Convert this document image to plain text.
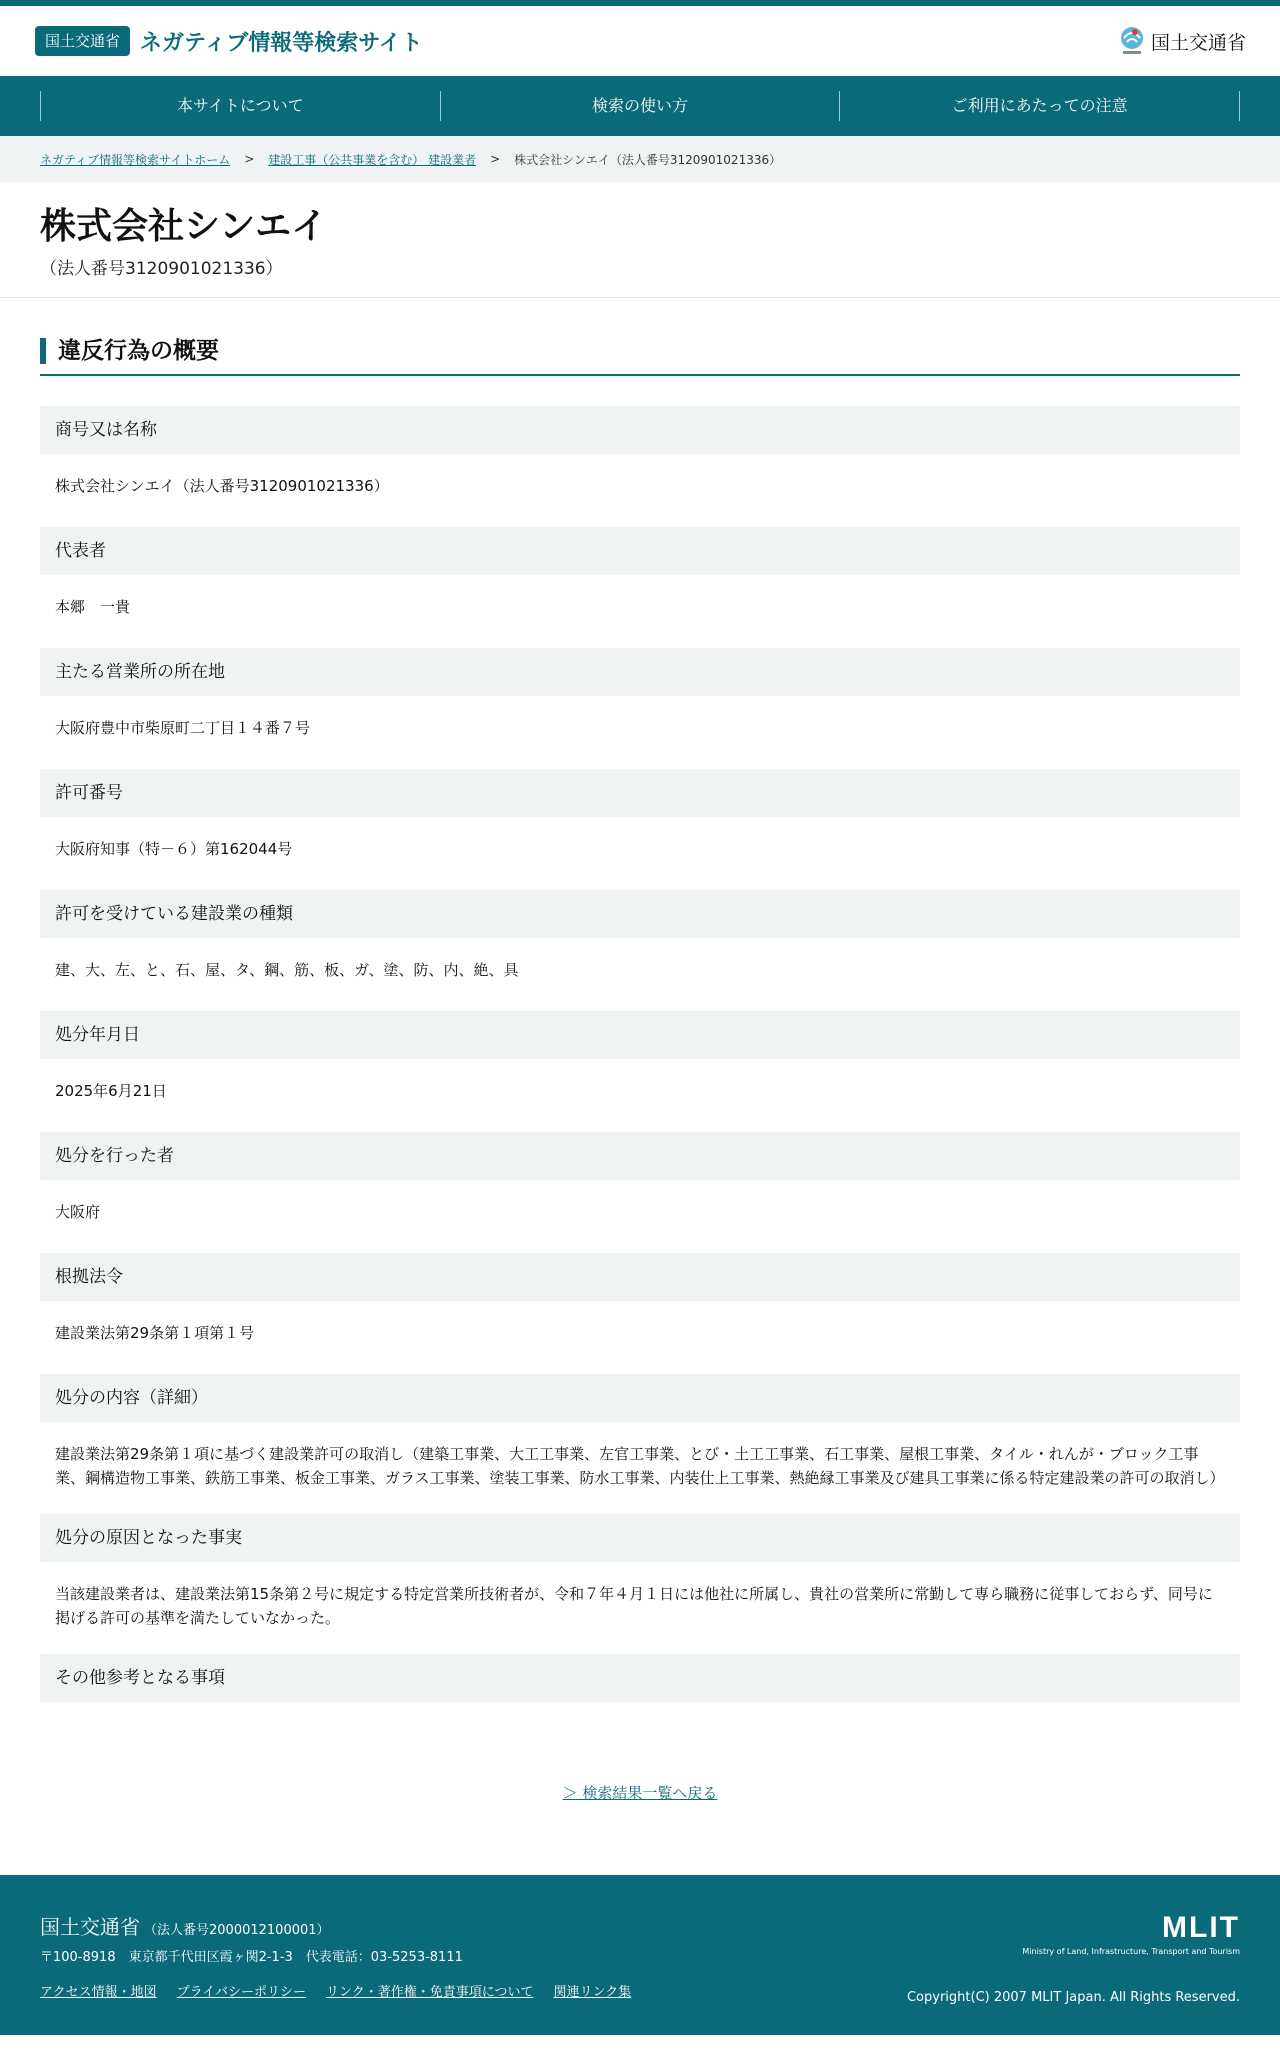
国土交通省 ネガティブ情報等検索サイト	国土交通省
本サイトについて	検索の使い方	ご利用にあたっての注意
ネガティブ情報等検索サイトホーム > 建設工事（公共事業を含む） 建設業者 > 株式会社シンエイ（法人番号3120901021336）
株式会社シンエイ
（法人番号3120901021336）
違反行為の概要
商号又は名称
株式会社シンエイ（法人番号3120901021336）
代表者
本郷　一貴
主たる営業所の所在地
大阪府豊中市柴原町二丁目１４番７号
許可番号
大阪府知事（特－６）第162044号
許可を受けている建設業の種類
建、大、左、と、石、屋、タ、鋼、筋、板、ガ、塗、防、内、絶、具
処分年月日
2025年6月21日
処分を行った者
大阪府
根拠法令
建設業法第29条第１項第１号
処分の内容（詳細）
建設業法第29条第１項に基づく建設業許可の取消し（建築工事業、大工工事業、左官工事業、とび・土工工事業、石工事業、屋根工事業、タイル・れんが・ブロック工事業、鋼構造物工事業、鉄筋工事業、板金工事業、ガラス工事業、塗装工事業、防水工事業、内装仕上工事業、熱絶縁工事業及び建具工事業に係る特定建設業の許可の取消し）
処分の原因となった事実
当該建設業者は、建設業法第15条第２号に規定する特定営業所技術者が、令和７年４月１日には他社に所属し、貴社の営業所に常勤して専ら職務に従事しておらず、同号に掲げる許可の基準を満たしていなかった。
その他参考となる事項
＞ 検索結果一覧へ戻る
国土交通省 （法人番号2000012100001）
〒100-8918　東京都千代田区霞ヶ関2-1-3　代表電話：03-5253-8111
アクセス情報・地図 プライバシーポリシー リンク・著作権・免責事項について 関連リンク集
MLIT
Ministry of Land, Infrastructure, Transport and Tourism
Copyright(C) 2007 MLIT Japan. All Rights Reserved.
